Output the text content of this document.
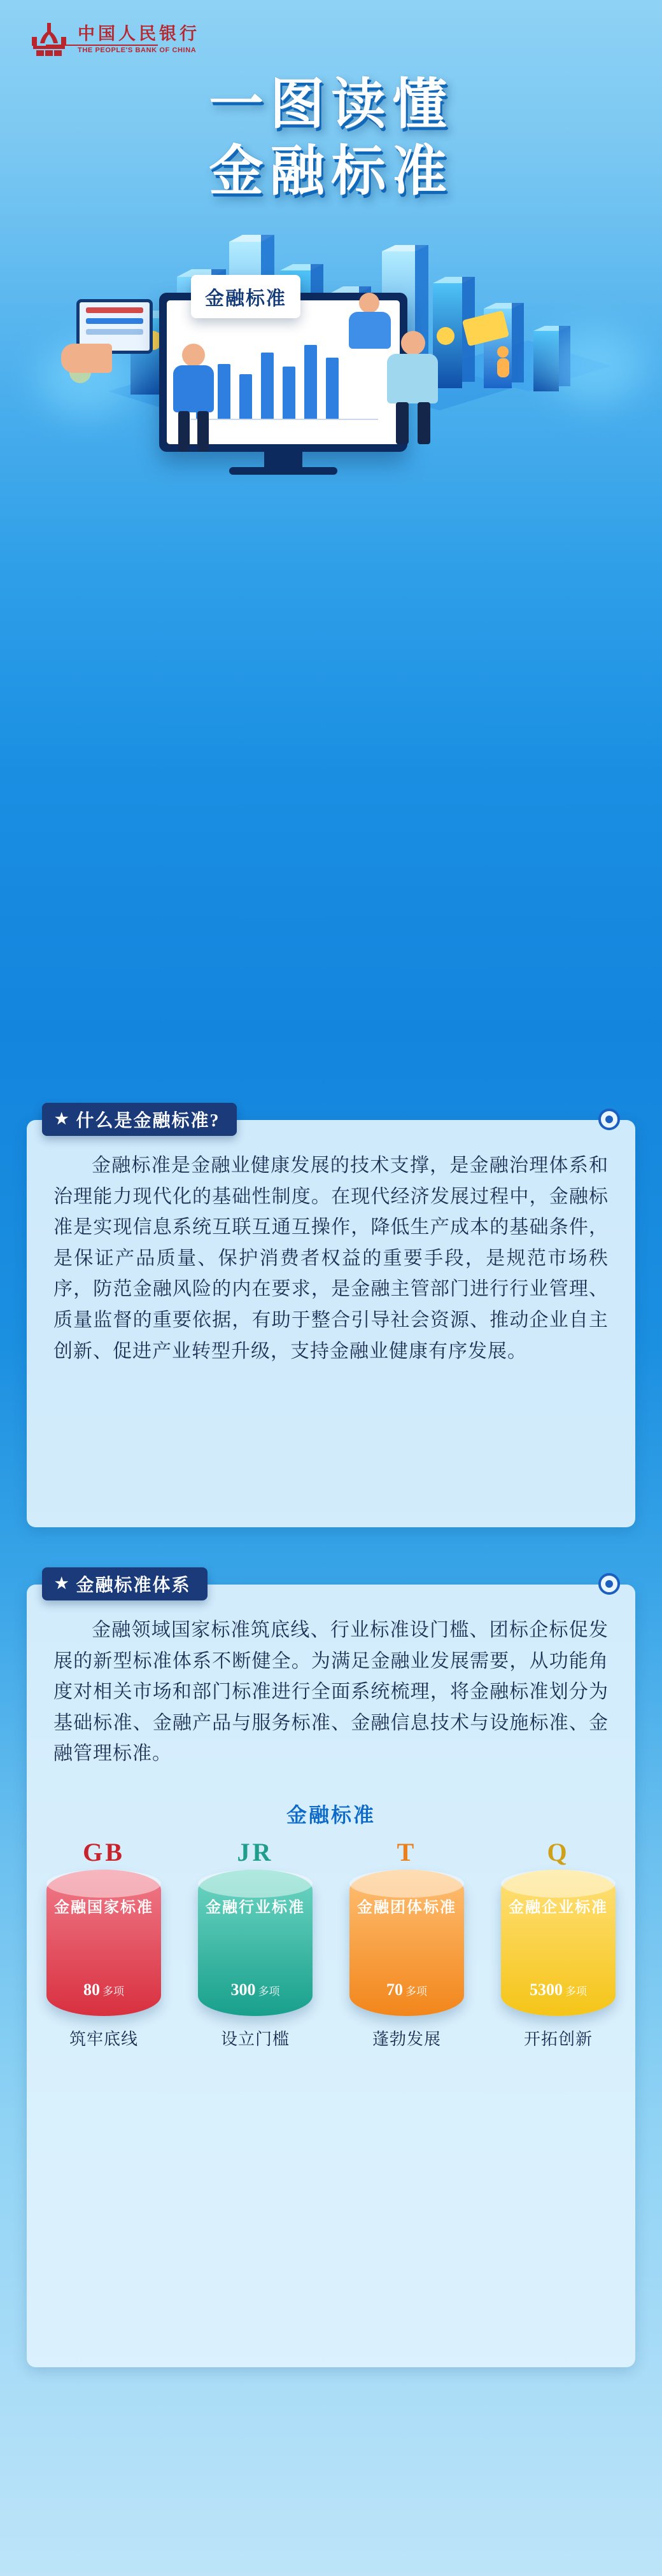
中国人民银行
THE PEOPLE'S BANK OF CHINA
一图读懂
金融标准
金融标准
金融标准是金融业健康发展的技术支撑，是金融治理体系和治理能力现代化的基础性制度。在现代经济发展过程中，金融标准是实现信息系统互联互通互操作，降低生产成本的基础条件，是保证产品质量、保护消费者权益的重要手段，是规范市场秩序，防范金融风险的内在要求，是金融主管部门进行行业管理、质量监督的重要依据，有助于整合引导社会资源、推动企业自主创新、促进产业转型升级，支持金融业健康有序发展。
★ 什么是金融标准?
金融领域国家标准筑底线、行业标准设门槛、团标企标促发展的新型标准体系不断健全。为满足金融业发展需要，从功能角度对相关市场和部门标准进行全面系统梳理，将金融标准划分为基础标准、金融产品与服务标准、金融信息技术与设施标准、金融管理标准。
金融标准
GB
金融国家标准
80 多项
筑牢底线
JR
金融行业标准
300 多项
设立门槛
T
金融团体标准
70 多项
蓬勃发展
Q
金融企业标准
5300 多项
开拓创新
★ 金融标准体系
